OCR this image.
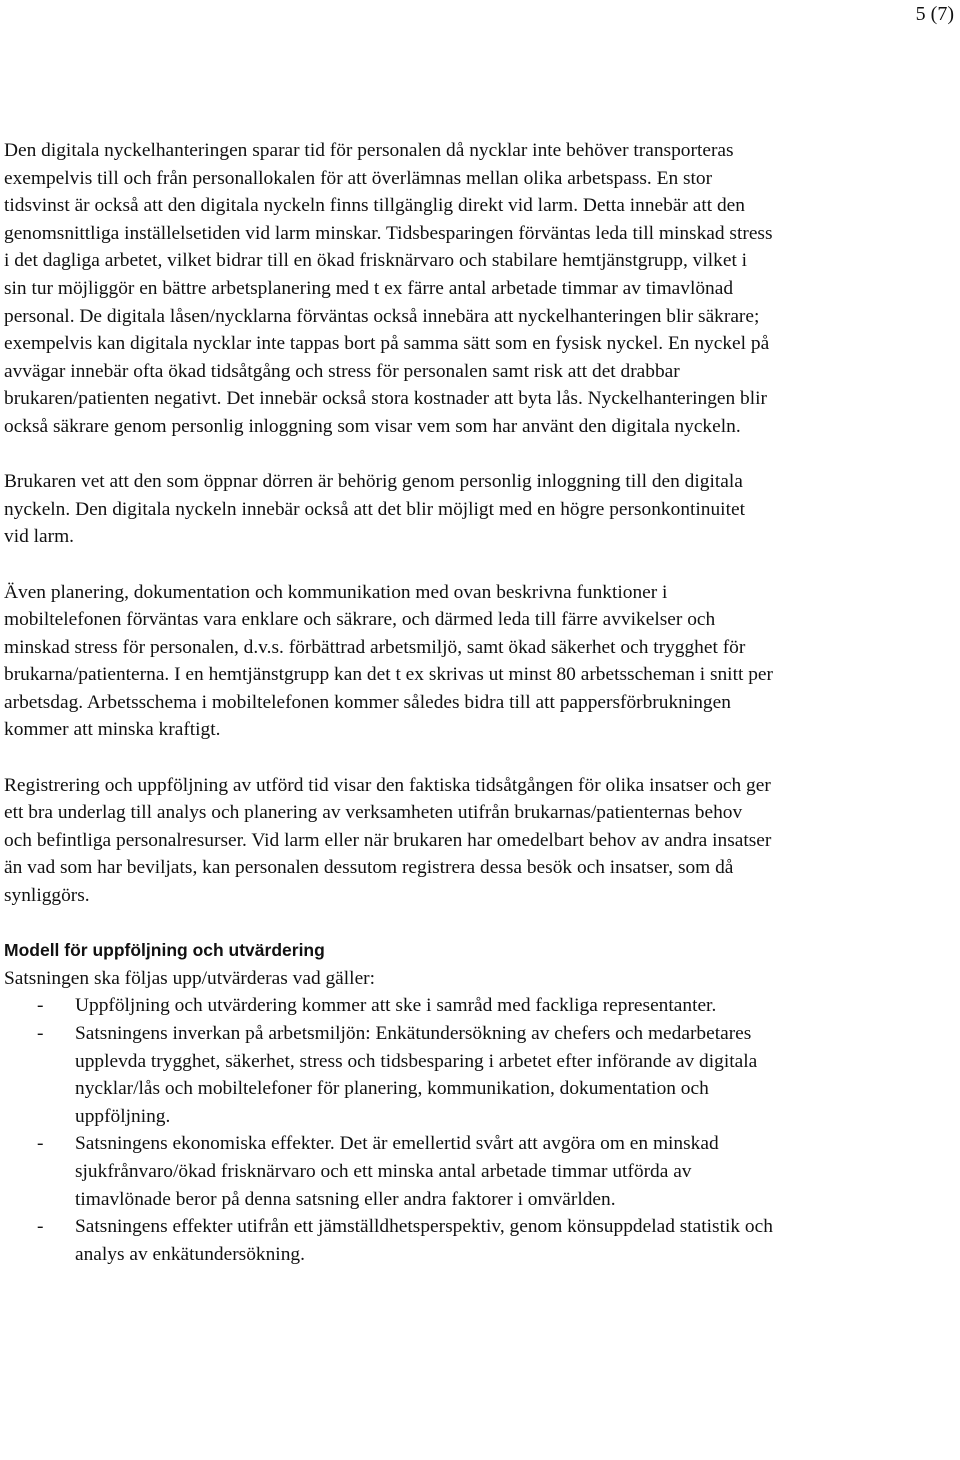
5 (7)

Den digitala nyckelhanteringen sparar tid för personalen då nycklar inte behöver transporteras exempelvis till och från personallokalen för att överlämnas mellan olika arbetspass. En stor tidsvinst är också att den digitala nyckeln finns tillgänglig direkt vid larm. Detta innebär att den genomsnittliga inställelsetiden vid larm minskar. Tidsbesparingen förväntas leda till minskad stress i det dagliga arbetet, vilket bidrar till en ökad frisknärvaro och stabilare hemtjänstgrupp, vilket i sin tur möjliggör en bättre arbetsplanering med t ex färre antal arbetade timmar av timavlönad personal. De digitala låsen/nycklarna förväntas också innebära att nyckelhanteringen blir säkrare; exempelvis kan digitala nycklar inte tappas bort på samma sätt som en fysisk nyckel. En nyckel på avvägar innebär ofta ökad tidsåtgång och stress för personalen samt risk att det drabbar brukaren/patienten negativt. Det innebär också stora kostnader att byta lås. Nyckelhanteringen blir också säkrare genom personlig inloggning som visar vem som har använt den digitala nyckeln.

Brukaren vet att den som öppnar dörren är behörig genom personlig inloggning till den digitala nyckeln. Den digitala nyckeln innebär också att det blir möjligt med en högre personkontinuitet vid larm.

Även planering, dokumentation och kommunikation med ovan beskrivna funktioner i mobiltelefonen förväntas vara enklare och säkrare, och därmed leda till färre avvikelser och minskad stress för personalen, d.v.s. förbättrad arbetsmiljö, samt ökad säkerhet och trygghet för brukarna/patienterna. I en hemtjänstgrupp kan det t ex skrivas ut minst 80 arbetsscheman i snitt per arbetsdag. Arbetsschema i mobiltelefonen kommer således bidra till att pappersförbrukningen kommer att minska kraftigt.

Registrering och uppföljning av utförd tid visar den faktiska tidsåtgången för olika insatser och ger ett bra underlag till analys och planering av verksamheten utifrån brukarnas/patienternas behov och befintliga personalresurser. Vid larm eller när brukaren har omedelbart behov av andra insatser än vad som har beviljats, kan personalen dessutom registrera dessa besök och insatser, som då synliggörs.

Modell för uppföljning och utvärdering

Satsningen ska följas upp/utvärderas vad gäller:

- Uppföljning och utvärdering kommer att ske i samråd med fackliga representanter.
- Satsningens inverkan på arbetsmiljön: Enkätundersökning av chefers och medarbetares upplevda trygghet, säkerhet, stress och tidsbesparing i arbetet efter införande av digitala nycklar/lås och mobiltelefoner för planering, kommunikation, dokumentation och uppföljning.
- Satsningens ekonomiska effekter. Det är emellertid svårt att avgöra om en minskad sjukfrånvaro/ökad frisknärvaro och ett minska antal arbetade timmar utförda av timavlönade beror på denna satsning eller andra faktorer i omvärlden.
- Satsningens effekter utifrån ett jämställdhetsperspektiv, genom könsuppdelad statistik och analys av enkätundersökning.
